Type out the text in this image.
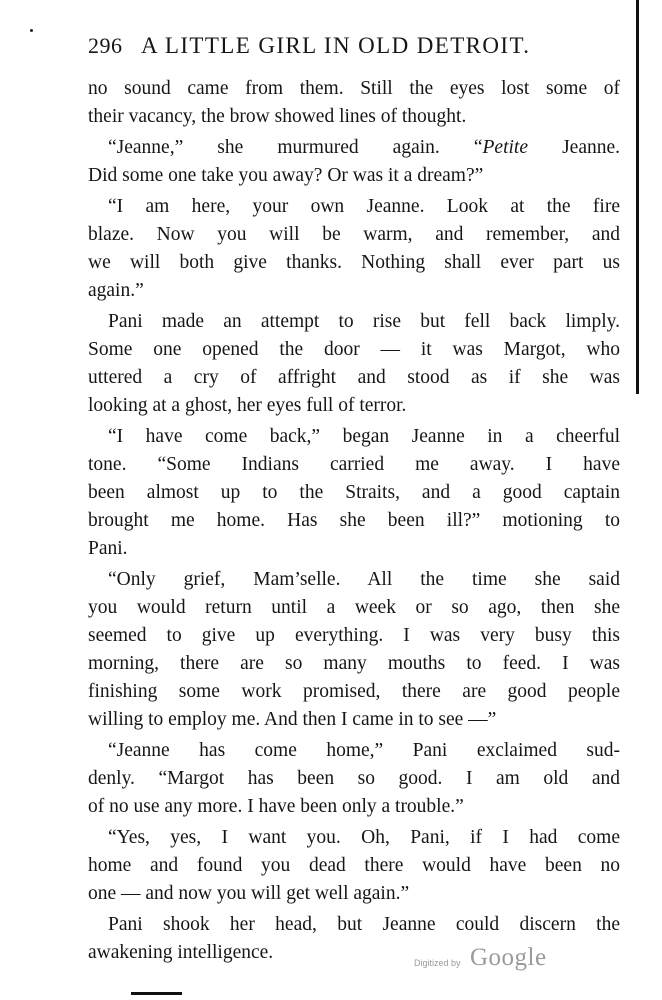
296 A LITTLE GIRL IN OLD DETROIT.
no sound came from them. Still the eyes lost some of
their vacancy, the brow showed lines of thought.
“Jeanne,” she murmured again. “Petite Jeanne.
Did some one take you away? Or was it a dream?”
“I am here, your own Jeanne. Look at the fire
blaze. Now you will be warm, and remember, and
we will both give thanks. Nothing shall ever part us
again.”
Pani made an attempt to rise but fell back limply.
Some one opened the door — it was Margot, who
uttered a cry of affright and stood as if she was
looking at a ghost, her eyes full of terror.
“I have come back,” began Jeanne in a cheerful
tone. “Some Indians carried me away. I have
been almost up to the Straits, and a good captain
brought me home. Has she been ill?” motioning to
Pani.
“Only grief, Mam’selle. All the time she said
you would return until a week or so ago, then she
seemed to give up everything. I was very busy this
morning, there are so many mouths to feed. I was
finishing some work promised, there are good people
willing to employ me. And then I came in to see —”
“Jeanne has come home,” Pani exclaimed sud-
denly. “Margot has been so good. I am old and
of no use any more. I have been only a trouble.”
“Yes, yes, I want you. Oh, Pani, if I had come
home and found you dead there would have been no
one — and now you will get well again.”
Pani shook her head, but Jeanne could discern the
awakening intelligence.	Digitized by Google
